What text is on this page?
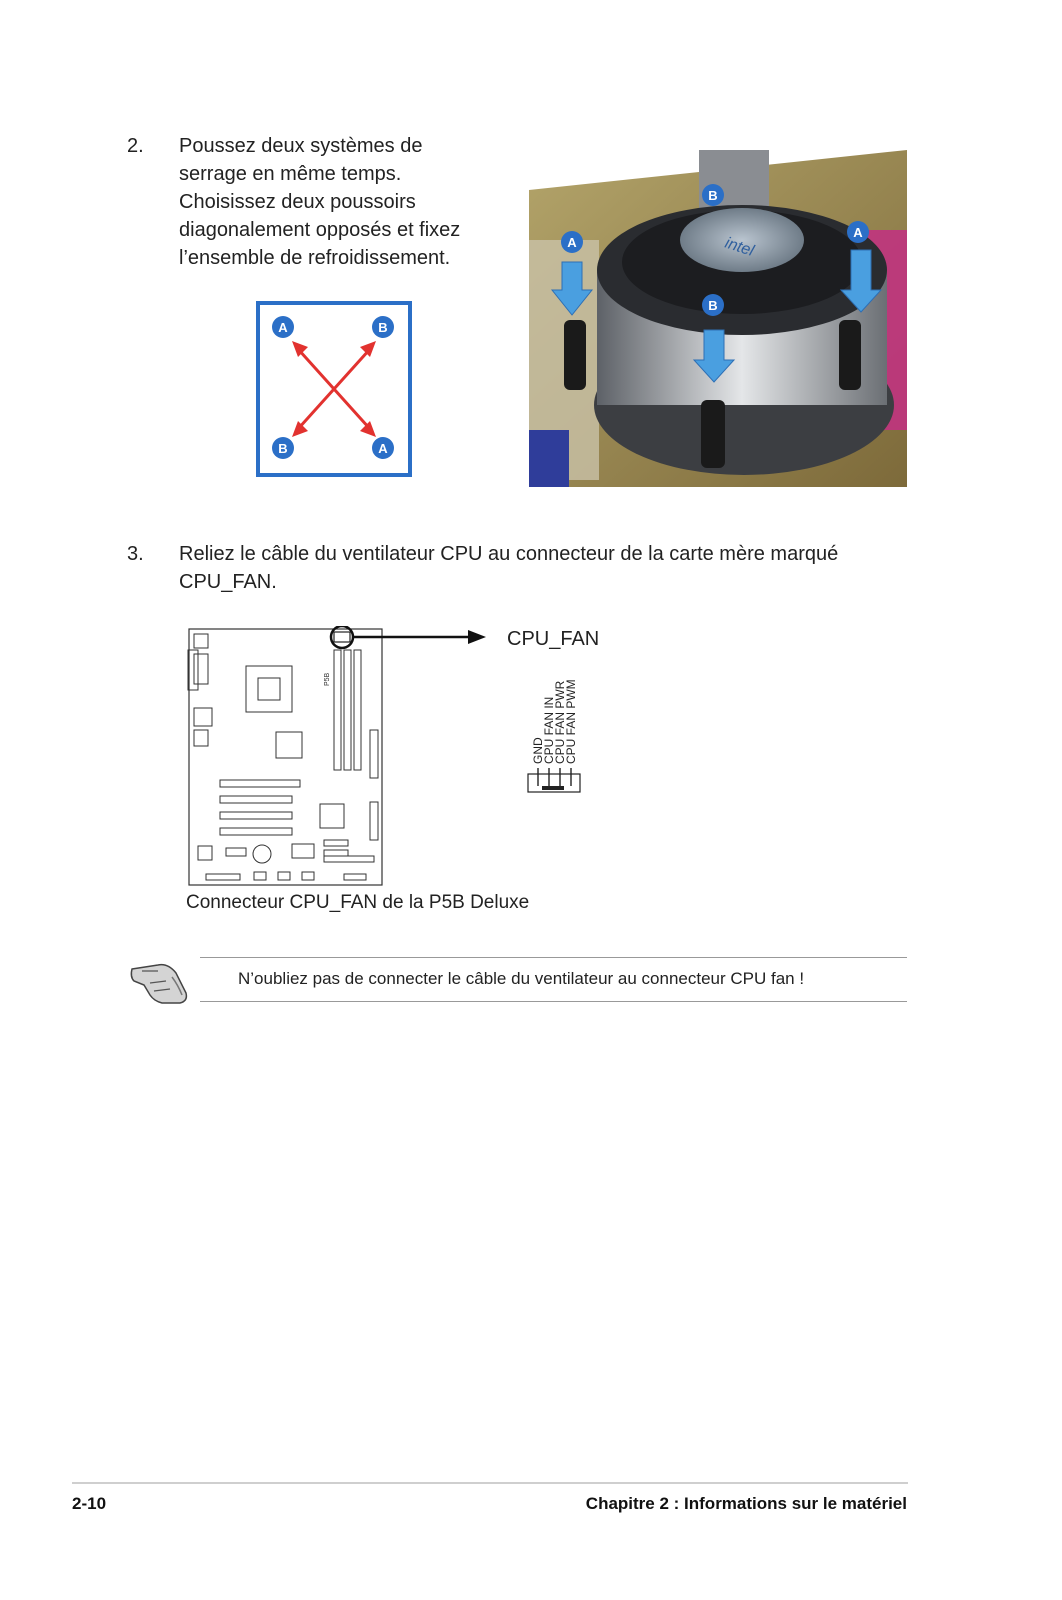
2. Poussez deux systèmes de
serrage en même temps.
Choisissez deux poussoirs
diagonalement opposés et fixez
l’ensemble de refroidissement.
A	B
B	A
intel
B
A
A
B
3. Reliez le câble du ventilateur CPU au connecteur de la carte mère marqué
CPU_FAN.
P5B
CPU_FAN
GND
CPU FAN IN
CPU FAN PWR
CPU FAN PWM
Connecteur CPU_FAN de la P5B Deluxe
N’oubliez pas de connecter le câble du ventilateur au connecteur CPU fan !
2-10	Chapitre 2 : Informations sur le matériel
